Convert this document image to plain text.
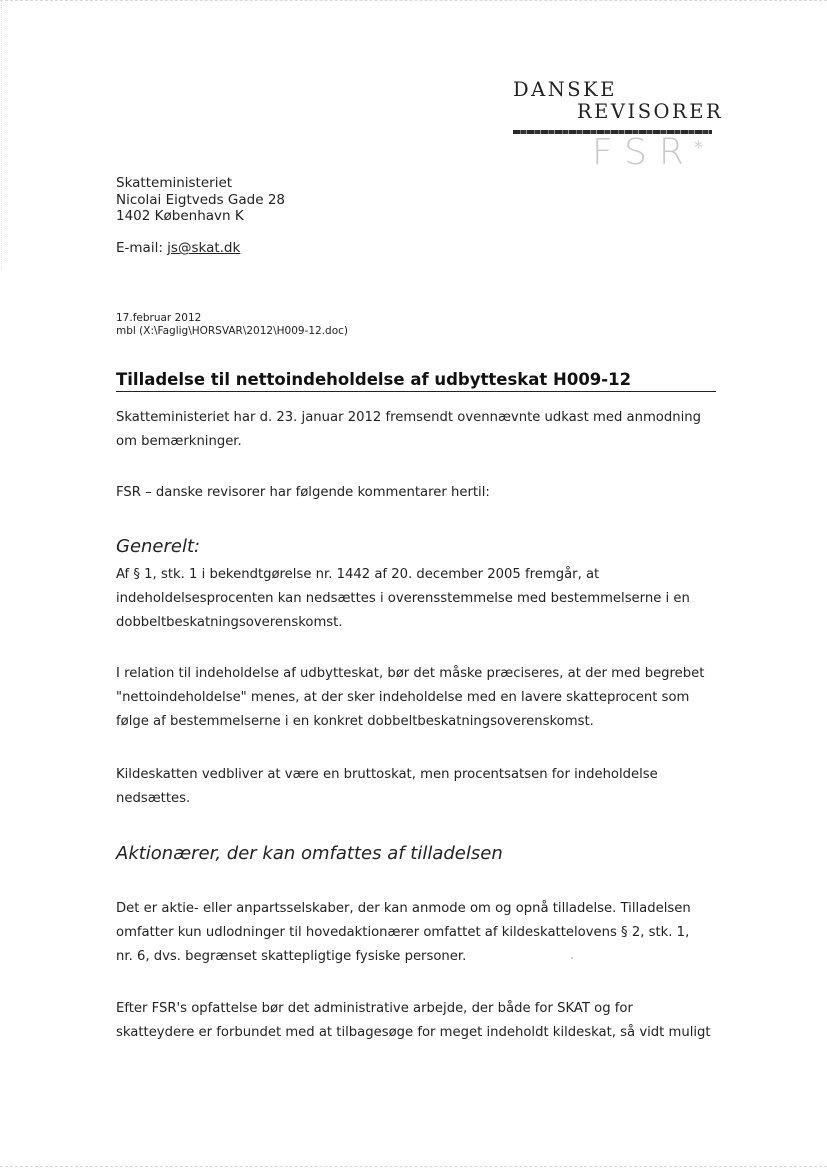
DANSKE
REVISORER
FSR
*
Skatteministeriet
Nicolai Eigtveds Gade 28
1402 København K
E-mail: js@skat.dk
17.februar 2012
mbl (X:\Faglig\HORSVAR\2012\H009-12.doc)
Tilladelse til nettoindeholdelse af udbytteskat H009-12
Skatteministeriet har d. 23. januar 2012 fremsendt ovennævnte udkast med anmodning
om bemærkninger.
FSR – danske revisorer har følgende kommentarer hertil:
Generelt:
Af § 1, stk. 1 i bekendtgørelse nr. 1442 af 20. december 2005 fremgår, at
indeholdelsesprocenten kan nedsættes i overensstemmelse med bestemmelserne i en
dobbeltbeskatningsoverenskomst.
I relation til indeholdelse af udbytteskat, bør det måske præciseres, at der med begrebet
"nettoindeholdelse" menes, at der sker indeholdelse med en lavere skatteprocent som
følge af bestemmelserne i en konkret dobbeltbeskatningsoverenskomst.
Kildeskatten vedbliver at være en bruttoskat, men procentsatsen for indeholdelse
nedsættes.
Aktionærer, der kan omfattes af tilladelsen
Det er aktie- eller anpartsselskaber, der kan anmode om og opnå tilladelse. Tilladelsen
omfatter kun udlodninger til hovedaktionærer omfattet af kildeskattelovens § 2, stk. 1,
nr. 6, dvs. begrænset skattepligtige fysiske personer.
Efter FSR's opfattelse bør det administrative arbejde, der både for SKAT og for
skatteydere er forbundet med at tilbagesøge for meget indeholdt kildeskat, så vidt muligt
